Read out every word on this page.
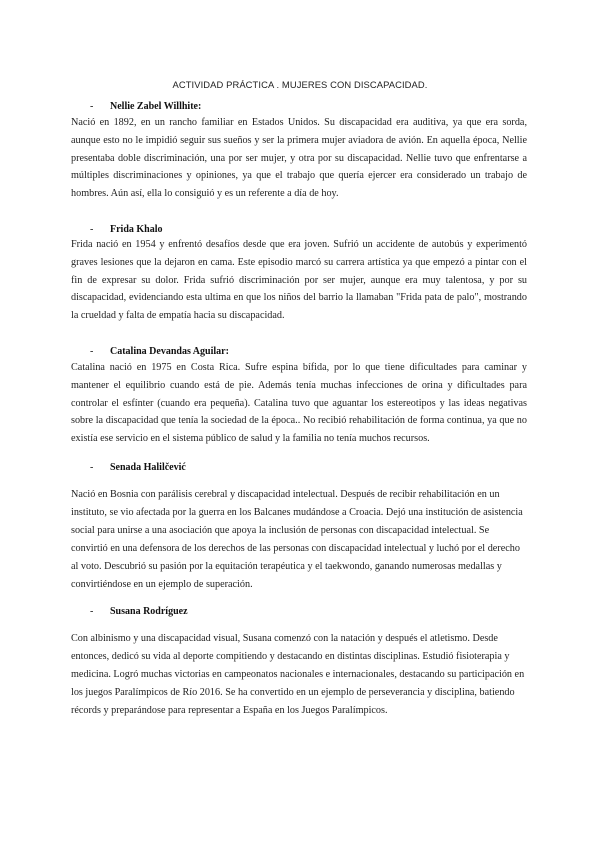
ACTIVIDAD PRÁCTICA . MUJERES CON DISCAPACIDAD.
- Nellie Zabel Willhite:
Nació en 1892, en un rancho familiar en Estados Unidos. Su discapacidad era auditiva, ya que era sorda, aunque esto no le impidió seguir sus sueños y ser la primera mujer aviadora de avión. En aquella época, Nellie presentaba doble discriminación, una por ser mujer, y otra por su discapacidad. Nellie tuvo que enfrentarse a múltiples discriminaciones y opiniones, ya que el trabajo que quería ejercer era considerado un trabajo de hombres. Aún así, ella lo consiguió y es un referente a día de hoy.
- Frida Khalo
Frida nació en 1954 y enfrentó desafíos desde que era joven. Sufrió un accidente de autobús y experimentó graves lesiones que la dejaron en cama. Este episodio marcó su carrera artística ya que empezó a pintar con el fin de expresar su dolor. Frida sufrió discriminación por ser mujer, aunque era muy talentosa, y por su discapacidad, evidenciando esta ultima en que los niños del barrio la llamaban "Frida pata de palo", mostrando la crueldad y falta de empatía hacia su discapacidad.
- Catalina Devandas Aguilar:
Catalina nació en 1975 en Costa Rica. Sufre espina bífida, por lo que tiene dificultades para caminar y mantener el equilibrio cuando está de pie. Además tenía muchas infecciones de orina y dificultades para controlar el esfínter (cuando era pequeña). Catalina tuvo que aguantar los estereotipos y las ideas negativas sobre la discapacidad que tenía la sociedad de la época.. No recibió rehabilitación de forma continua, ya que no existía ese servicio en el sistema público de salud y la familia no tenía muchos recursos.
- Senada Halilčević
Nació en Bosnia con parálisis cerebral y discapacidad intelectual. Después de recibir rehabilitación en un instituto, se vio afectada por la guerra en los Balcanes mudándose a Croacia. Dejó una institución de asistencia social para unirse a una asociación que apoya la inclusión de personas con discapacidad intelectual. Se convirtió en una defensora de los derechos de las personas con discapacidad intelectual y luchó por el derecho al voto. Descubrió su pasión por la equitación terapéutica y el taekwondo, ganando numerosas medallas y convirtiéndose en un ejemplo de superación.
- Susana Rodríguez
Con albinismo y una discapacidad visual, Susana comenzó con la natación y después el atletismo. Desde entonces, dedicó su vida al deporte compitiendo y destacando en distintas disciplinas. Estudió fisioterapia y medicina. Logró muchas victorias en campeonatos nacionales e internacionales, destacando su participación en los juegos Paralímpicos de Río 2016. Se ha convertido en un ejemplo de perseverancia y disciplina, batiendo récords y preparándose para representar a España en los Juegos Paralímpicos.
